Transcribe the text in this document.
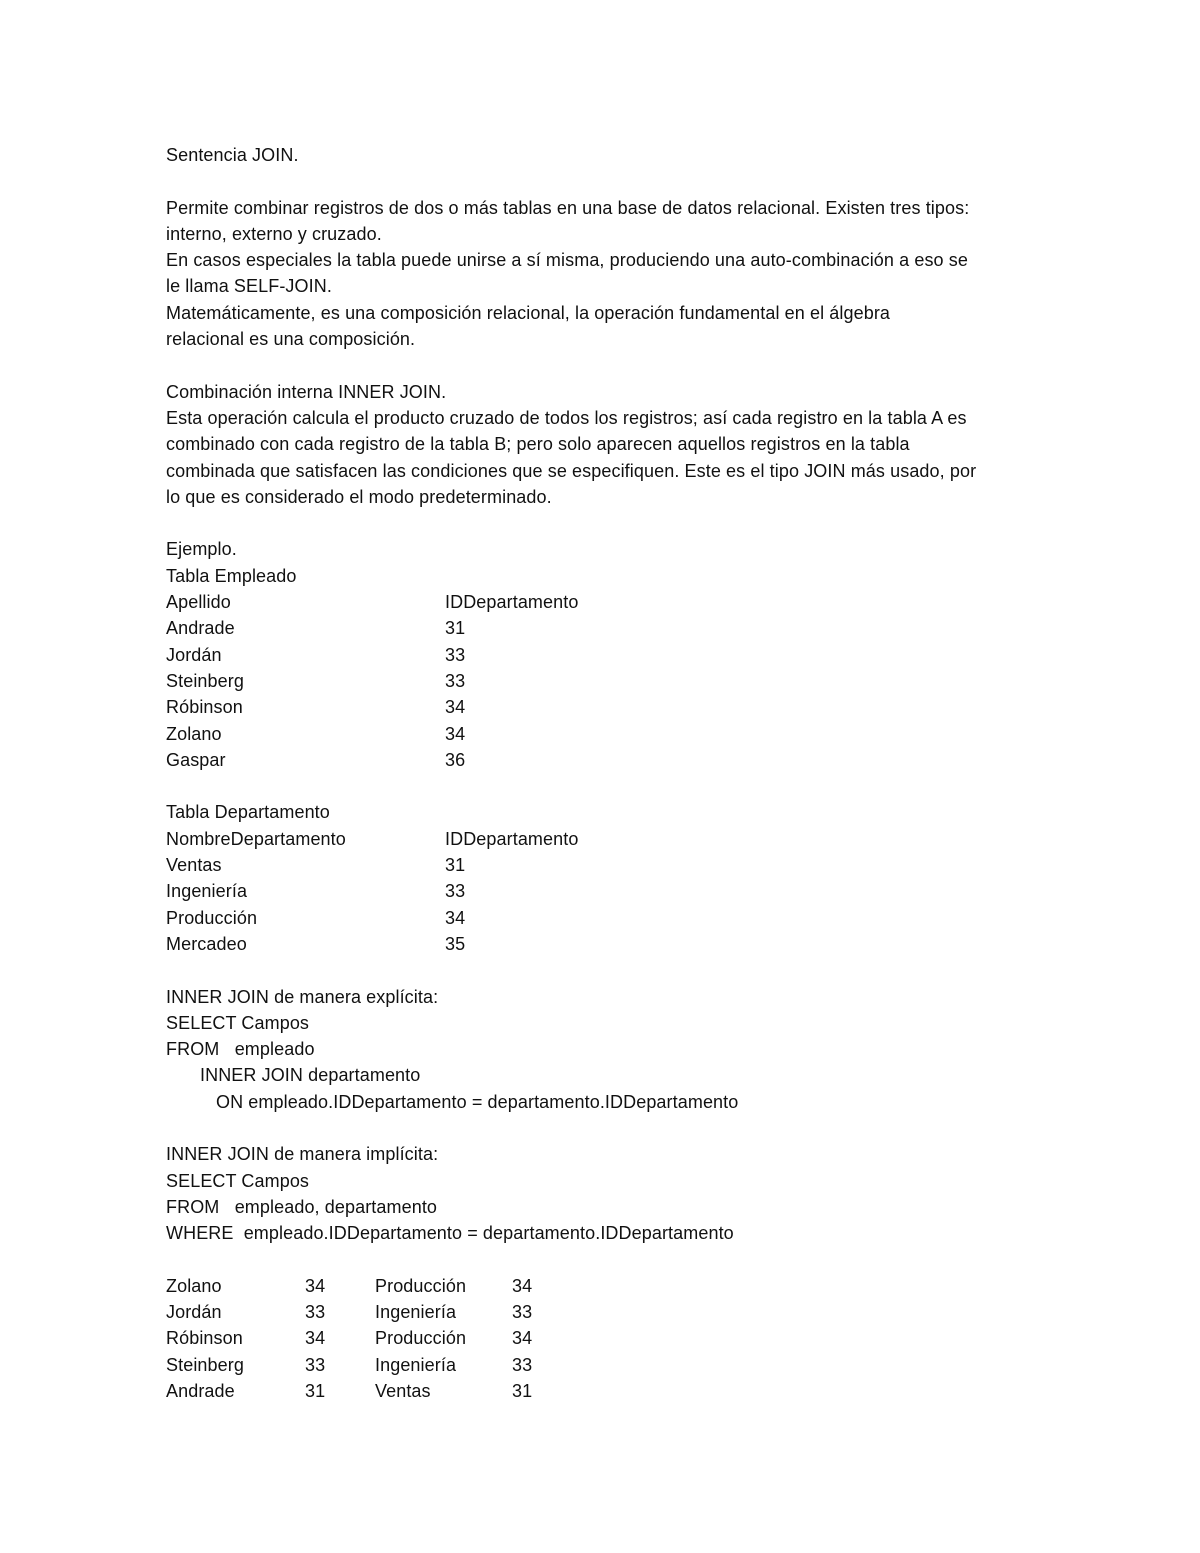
Sentencia JOIN.
Permite combinar registros de dos o más tablas en una base de datos relacional. Existen tres tipos:
interno, externo y cruzado.
En casos especiales la tabla puede unirse a sí misma, produciendo una auto-combinación a eso se
le llama SELF-JOIN.
Matemáticamente, es una composición relacional, la operación fundamental en el álgebra
relacional es una composición.
Combinación interna INNER JOIN.
Esta operación calcula el producto cruzado de todos los registros; así cada registro en la tabla A es
combinado con cada registro de la tabla B; pero solo aparecen aquellos registros en la tabla
combinada que satisfacen las condiciones que se especifiquen. Este es el tipo JOIN más usado, por
lo que es considerado el modo predeterminado.
Ejemplo.
Tabla Empleado
Apellido	IDDepartamento
Andrade	31
Jordán	33
Steinberg	33
Róbinson	34
Zolano	34
Gaspar	36
Tabla Departamento
NombreDepartamento	IDDepartamento
Ventas	31
Ingeniería	33
Producción	34
Mercadeo	35
INNER JOIN de manera explícita:
SELECT Campos
FROM   empleado
INNER JOIN departamento
ON empleado.IDDepartamento = departamento.IDDepartamento
INNER JOIN de manera implícita:
SELECT Campos
FROM   empleado, departamento
WHERE  empleado.IDDepartamento = departamento.IDDepartamento
Zolano	34	Producción	34
Jordán	33	Ingeniería	33
Róbinson	34	Producción	34
Steinberg	33	Ingeniería	33
Andrade	31	Ventas	31
